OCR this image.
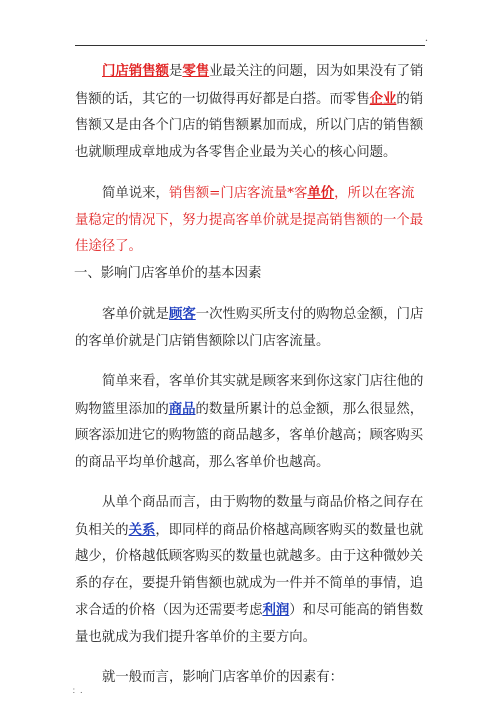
.

门店销售额是零售业最关注的问题，因为如果没有了销售额的话，其它的一切做得再好都是白搭。而零售企业的销售额又是由各个门店的销售额累加而成，所以门店的销售额也就顺理成章地成为各零售企业最为关心的核心问题。

简单说来，销售额=门店客流量*客单价，所以在客流量稳定的情况下，努力提高客单价就是提高销售额的一个最佳途径了。

一、影响门店客单价的基本因素

客单价就是顾客一次性购买所支付的购物总金额，门店的客单价就是门店销售额除以门店客流量。

简单来看，客单价其实就是顾客来到你这家门店往他的购物篮里添加的商品的数量所累计的总金额，那么很显然，顾客添加进它的购物篮的商品越多，客单价越高；顾客购买的商品平均单价越高，那么客单价也越高。

从单个商品而言，由于购物的数量与商品价格之间存在负相关的关系，即同样的商品价格越高顾客购买的数量也就越少，价格越低顾客购买的数量也就越多。由于这种微妙关系的存在，要提升销售额也就成为一件并不简单的事情，追求合适的价格（因为还需要考虑利润）和尽可能高的销售数量也就成为我们提升客单价的主要方向。

就一般而言，影响门店客单价的因素有：

：.
